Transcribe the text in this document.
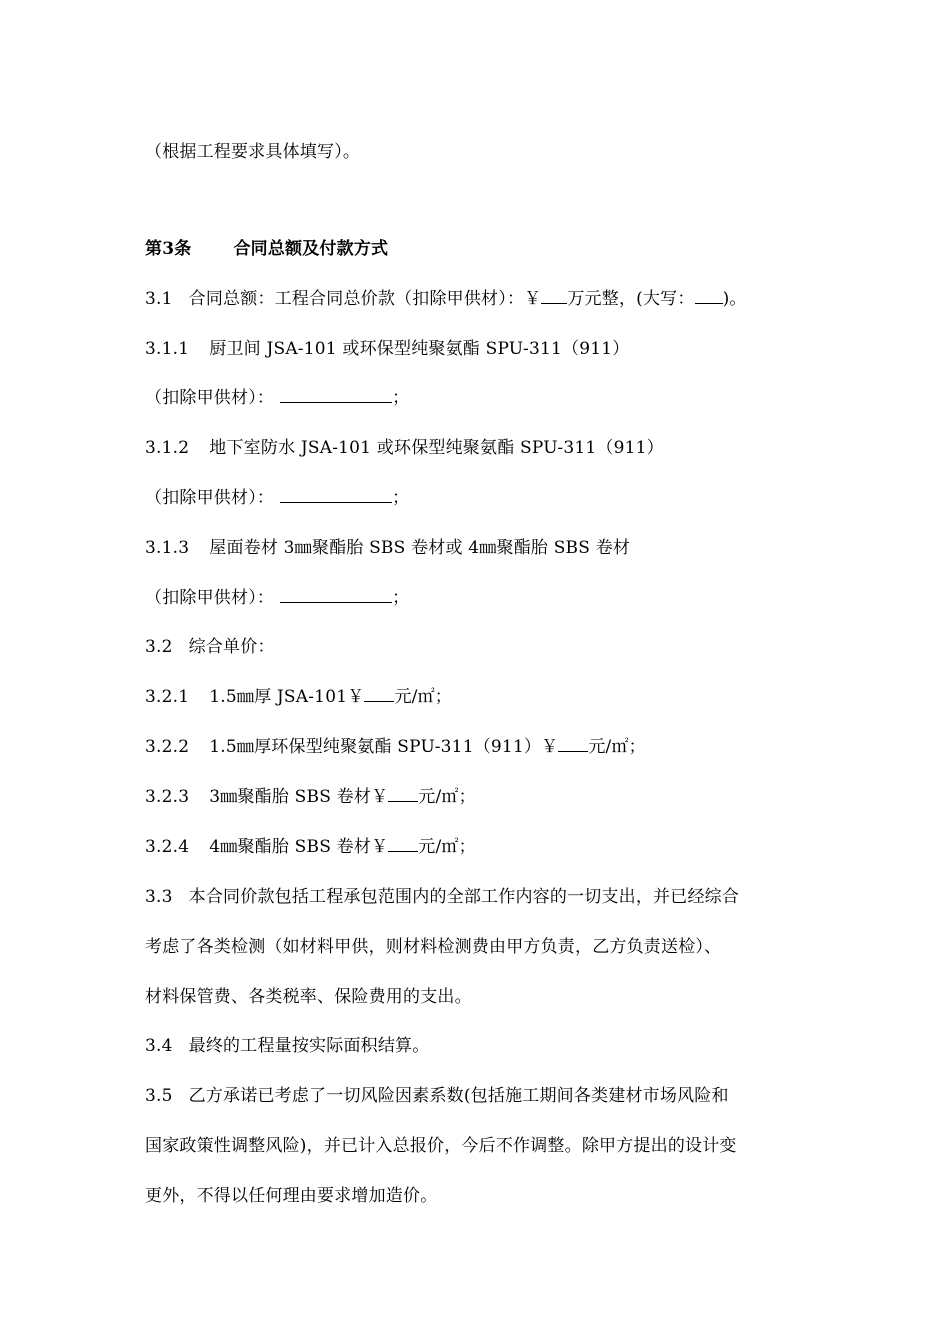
（根据工程要求具体填写）。
第3条 合同总额及付款方式
3.1 合同总额：工程合同总价款（扣除甲供材）：￥ 万元整，(大写： )。
3.1.1 厨卫间 JSA-101 或环保型纯聚氨酯 SPU-311（911）
（扣除甲供材）：	；
3.1.2 地下室防水 JSA-101 或环保型纯聚氨酯 SPU-311（911）
（扣除甲供材）：	；
3.1.3 屋面卷材 3㎜聚酯胎 SBS 卷材或 4㎜聚酯胎 SBS 卷材
（扣除甲供材）：	；
3.2 综合单价：
3.2.1 1.5㎜厚 JSA-101￥ 元/㎡；
3.2.2 1.5㎜厚环保型纯聚氨酯 SPU-311（911）￥ 元/㎡；
3.2.3 3㎜聚酯胎 SBS 卷材￥ 元/㎡；
3.2.4 4㎜聚酯胎 SBS 卷材￥ 元/㎡；
3.3 本合同价款包括工程承包范围内的全部工作内容的一切支出，并已经综合
考虑了各类检测（如材料甲供，则材料检测费由甲方负责，乙方负责送检）、
材料保管费、各类税率、保险费用的支出。
3.4 最终的工程量按实际面积结算。
3.5 乙方承诺已考虑了一切风险因素系数(包括施工期间各类建材市场风险和
国家政策性调整风险)，并已计入总报价，今后不作调整。除甲方提出的设计变
更外，不得以任何理由要求增加造价。
